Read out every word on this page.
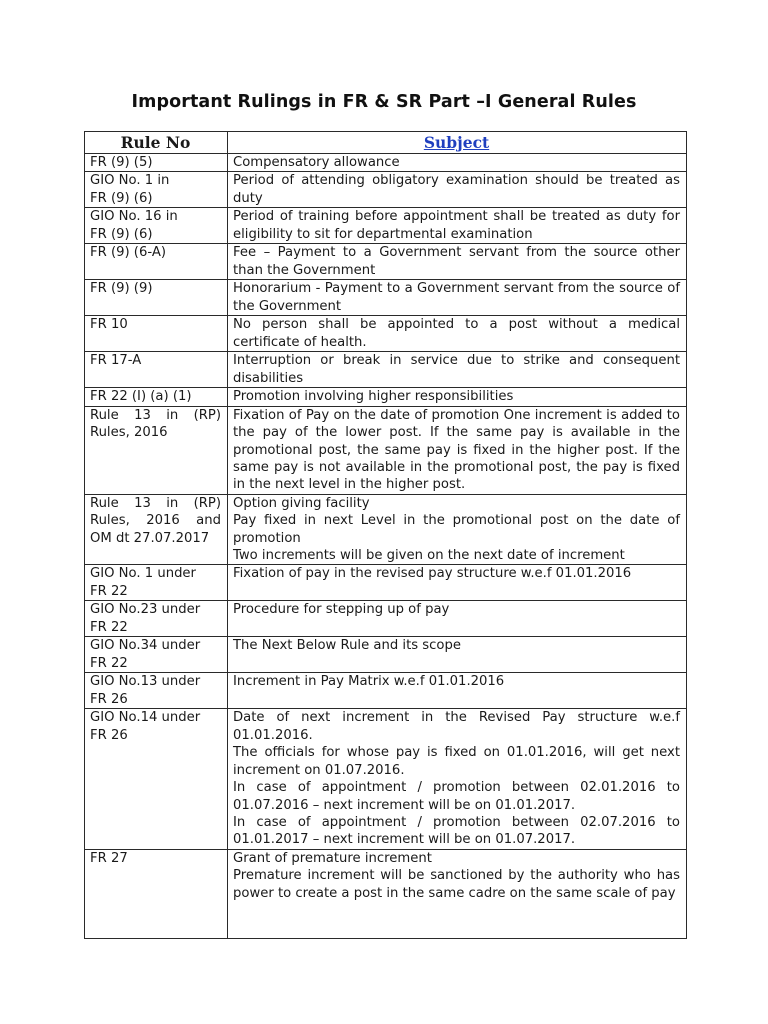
Important Rulings in FR & SR Part –I General Rules
Rule No	Subject

FR (9) (5)	Compensatory allowance

GIO No. 1 in
FR (9) (6)	Period of attending obligatory examination should be treated as duty

GIO No. 16 in
FR (9) (6)	Period of training before appointment shall be treated as duty for eligibility to sit for departmental examination

FR (9) (6-A)	Fee – Payment to a Government servant from the source other than the Government

FR (9) (9)	Honorarium - Payment to a Government servant from the source of the Government

FR 10	No person shall be appointed to a post without a medical certificate of health.

FR 17-A	Interruption or break in service due to strike and consequent disabilities

FR 22 (I) (a) (1)	Promotion involving higher responsibilities

Rule 13 in (RP) Rules, 2016	Fixation of Pay on the date of promotion One increment is added to the pay of the lower post. If the same pay is available in the promotional post, the same pay is fixed in the higher post. If the same pay is not available in the promotional post, the pay is fixed in the next level in the higher post.

Rule 13 in (RP) Rules, 2016 and OM dt 27.07.2017	Option giving facility
Pay fixed in next Level in the promotional post on the date of promotion
Two increments will be given on the next date of increment

GIO No. 1 under
FR 22	Fixation of pay in the revised pay structure w.e.f 01.01.2016

GIO No.23 under
FR 22	Procedure for stepping up of pay

GIO No.34 under
FR 22	The Next Below Rule and its scope

GIO No.13 under
FR 26	Increment in Pay Matrix w.e.f 01.01.2016

GIO No.14 under
FR 26	Date of next increment in the Revised Pay structure w.e.f 01.01.2016.
The officials for whose pay is fixed on 01.01.2016, will get next increment on 01.07.2016.
In case of appointment / promotion between 02.01.2016 to 01.07.2016 – next increment will be on 01.01.2017.
In case of appointment / promotion between 02.07.2016 to 01.01.2017 – next increment will be on 01.07.2017.

FR 27	Grant of premature increment
Premature increment will be sanctioned by the authority who has power to create a post in the same cadre on the same scale of pay
